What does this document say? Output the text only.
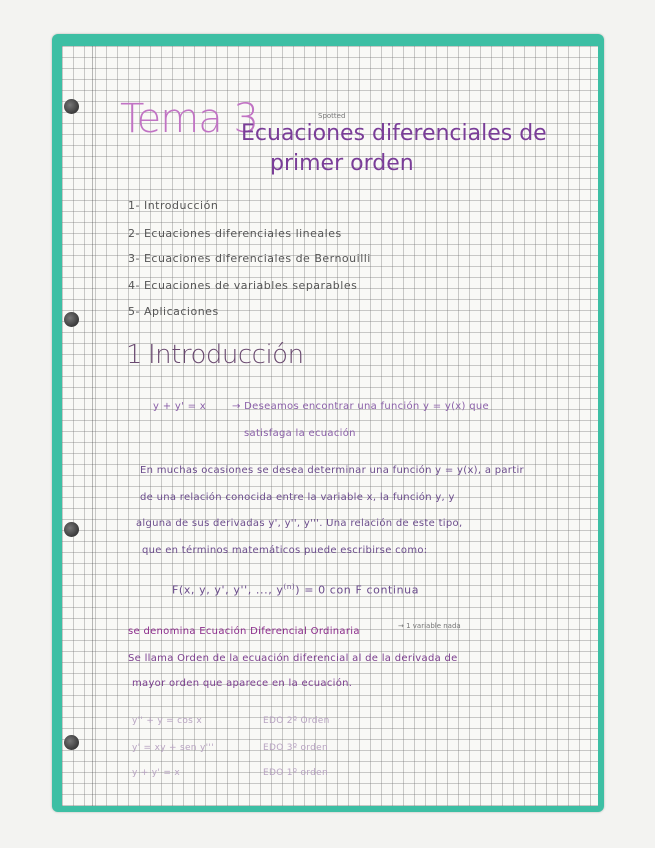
Tema 3	Spotted
Ecuaciones diferenciales de
primer orden
1- Introducción
2- Ecuaciones diferenciales lineales
3- Ecuaciones diferenciales de Bernouilli
4- Ecuaciones de variables separables
5- Aplicaciones
1 Introducción
y + y' = x	→ Deseamos encontrar una función y = y(x) que
satisfaga la ecuación
En muchas ocasiones se desea determinar una función y = y(x), a partir
de una relación conocida entre la variable x, la función y, y
alguna de sus derivadas y', y'', y'''. Una relación de este tipo,
que en términos matemáticos puede escribirse como:
F(x, y, y', y'', ..., $y^{(n)}) = 0$ con F continua
se denomina Ecuación Diferencial Ordinaria	→ 1 variable nada
Se llama Orden de la ecuación diferencial al de la derivada de
mayor orden que aparece en la ecuación.
y'' + y = cos x	EDO 2º Orden
y' = xy + sen y'''	EDO 3º orden
y + y' = x	EDO 1º orden
